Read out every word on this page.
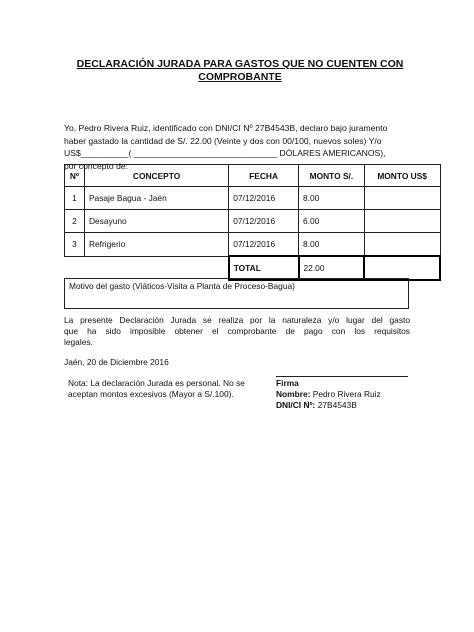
DECLARACIÓN JURADA PARA GASTOS QUE NO CUENTEN CON
COMPROBANTE
Yo, Pedro Rivera Ruiz, identificado con DNI/CI Nº 27B4543B, declaro bajo juramento
haber gastado la cantidad de S/. 22.00 (Veinte y dos con 00/100, nuevos soles) Y/o
US$__________( ______________________________ DÓLARES AMERICANOS),
por concepto de:
Nº	CONCEPTO	FECHA	MONTO S/.	MONTO US$
1	Pasaje Bagua - Jaén	07/12/2016	8.00	
2	Desayuno	07/12/2016	6.00	
3	Refrigerio	07/12/2016	8.00	
		TOTAL	22.00	
Motivo del gasto (Viáticos-Visita a Planta de Proceso-Bagua)
La presente Declaración Jurada se realiza por la naturaleza y/o lugar del gasto
que ha sido imposible obtener el comprobante de pago con los requisitos
legales.
Jaén, 20 de Diciembre 2016
Nota: La declaración Jurada es personal. No se
aceptan montos excesivos (Mayor a S/.100).
Firma
Nombre: Pedro Rivera Ruiz
DNI/CI Nº: 27B4543B
